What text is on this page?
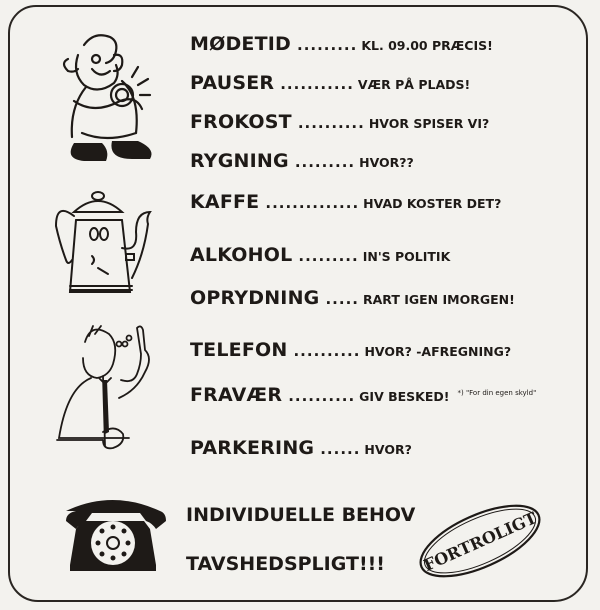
MØDETID ......... KL. 09.00 PRÆCIS!
PAUSER ........... VÆR PÅ PLADS!
FROKOST .......... HVOR SPISER VI?
RYGNING ......... HVOR??
KAFFE .............. HVAD KOSTER DET?
ALKOHOL ......... IN'S POLITIK
OPRYDNING ..... RART IGEN IMORGEN!
TELEFON .......... HVOR? -AFREGNING?
FRAVÆR .......... GIV BESKED! *) "For din egen skyld"
PARKERING ...... HVOR?
INDIVIDUELLE BEHOV
TAVSHEDSPLIGT!!! FORTROLIGT
